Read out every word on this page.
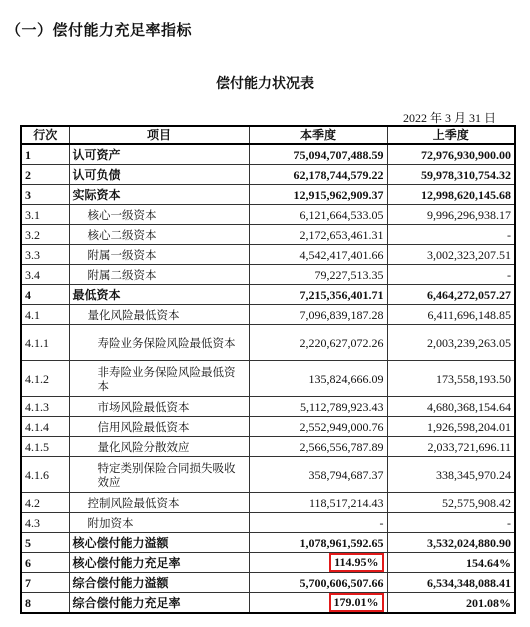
（一）偿付能力充足率指标
偿付能力状况表
2022 年 3 月 31 日
行次	项目	本季度	上季度
1	认可资产	75,094,707,488.59	72,976,930,900.00
2	认可负债	62,178,744,579.22	59,978,310,754.32
3	实际资本	12,915,962,909.37	12,998,620,145.68
3.1	核心一级资本	6,121,664,533.05	9,996,296,938.17
3.2	核心二级资本	2,172,653,461.31	-
3.3	附属一级资本	4,542,417,401.66	3,002,323,207.51
3.4	附属二级资本	79,227,513.35	-
4	最低资本	7,215,356,401.71	6,464,272,057.27
4.1	量化风险最低资本	7,096,839,187.28	6,411,696,148.85
4.1.1	寿险业务保险风险最低资本	2,220,627,072.26	2,003,239,263.05
4.1.2	非寿险业务保险风险最低资本	135,824,666.09	173,558,193.50
4.1.3	市场风险最低资本	5,112,789,923.43	4,680,368,154.64
4.1.4	信用风险最低资本	2,552,949,000.76	1,926,598,204.01
4.1.5	量化风险分散效应	2,566,556,787.89	2,033,721,696.11
4.1.6	特定类别保险合同损失吸收效应	358,794,687.37	338,345,970.24
4.2	控制风险最低资本	118,517,214.43	52,575,908.42
4.3	附加资本	-	-
5	核心偿付能力溢额	1,078,961,592.65	3,532,024,880.90
6	核心偿付能力充足率	114.95%	154.64%
7	综合偿付能力溢额	5,700,606,507.66	6,534,348,088.41
8	综合偿付能力充足率	179.01%	201.08%
